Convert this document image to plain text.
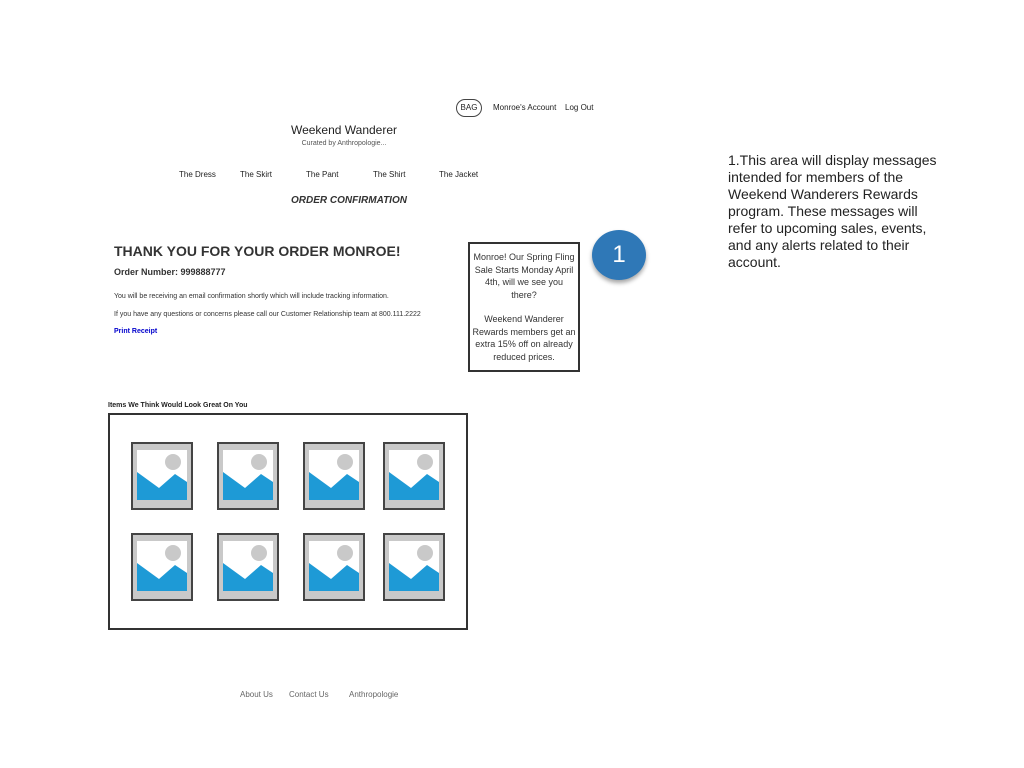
BAG	Monroe's Account Log Out
Weekend Wanderer
Curated by Anthropologie...
The Dress	The Skirt	The Pant	The Shirt	The Jacket
ORDER CONFIRMATION
THANK YOU FOR YOUR ORDER MONROE!
Order Number: 999888777
You will be receiving an email confirmation shortly which will include tracking information.
If you have any questions or concerns please call our Customer Relationship team at 800.111.2222
Print Receipt

Monroe! Our Spring Fling Sale Starts Monday April 4th, will we see you there?

Weekend Wanderer Rewards members get an extra 15% off on already reduced prices.

1
1.This area will display messages intended for members of the Weekend Wanderers Rewards program. These messages will refer to upcoming sales, events, and any alerts related to their account.
Items We Think Would Look Great On You
About Us Contact Us	Anthropologie
